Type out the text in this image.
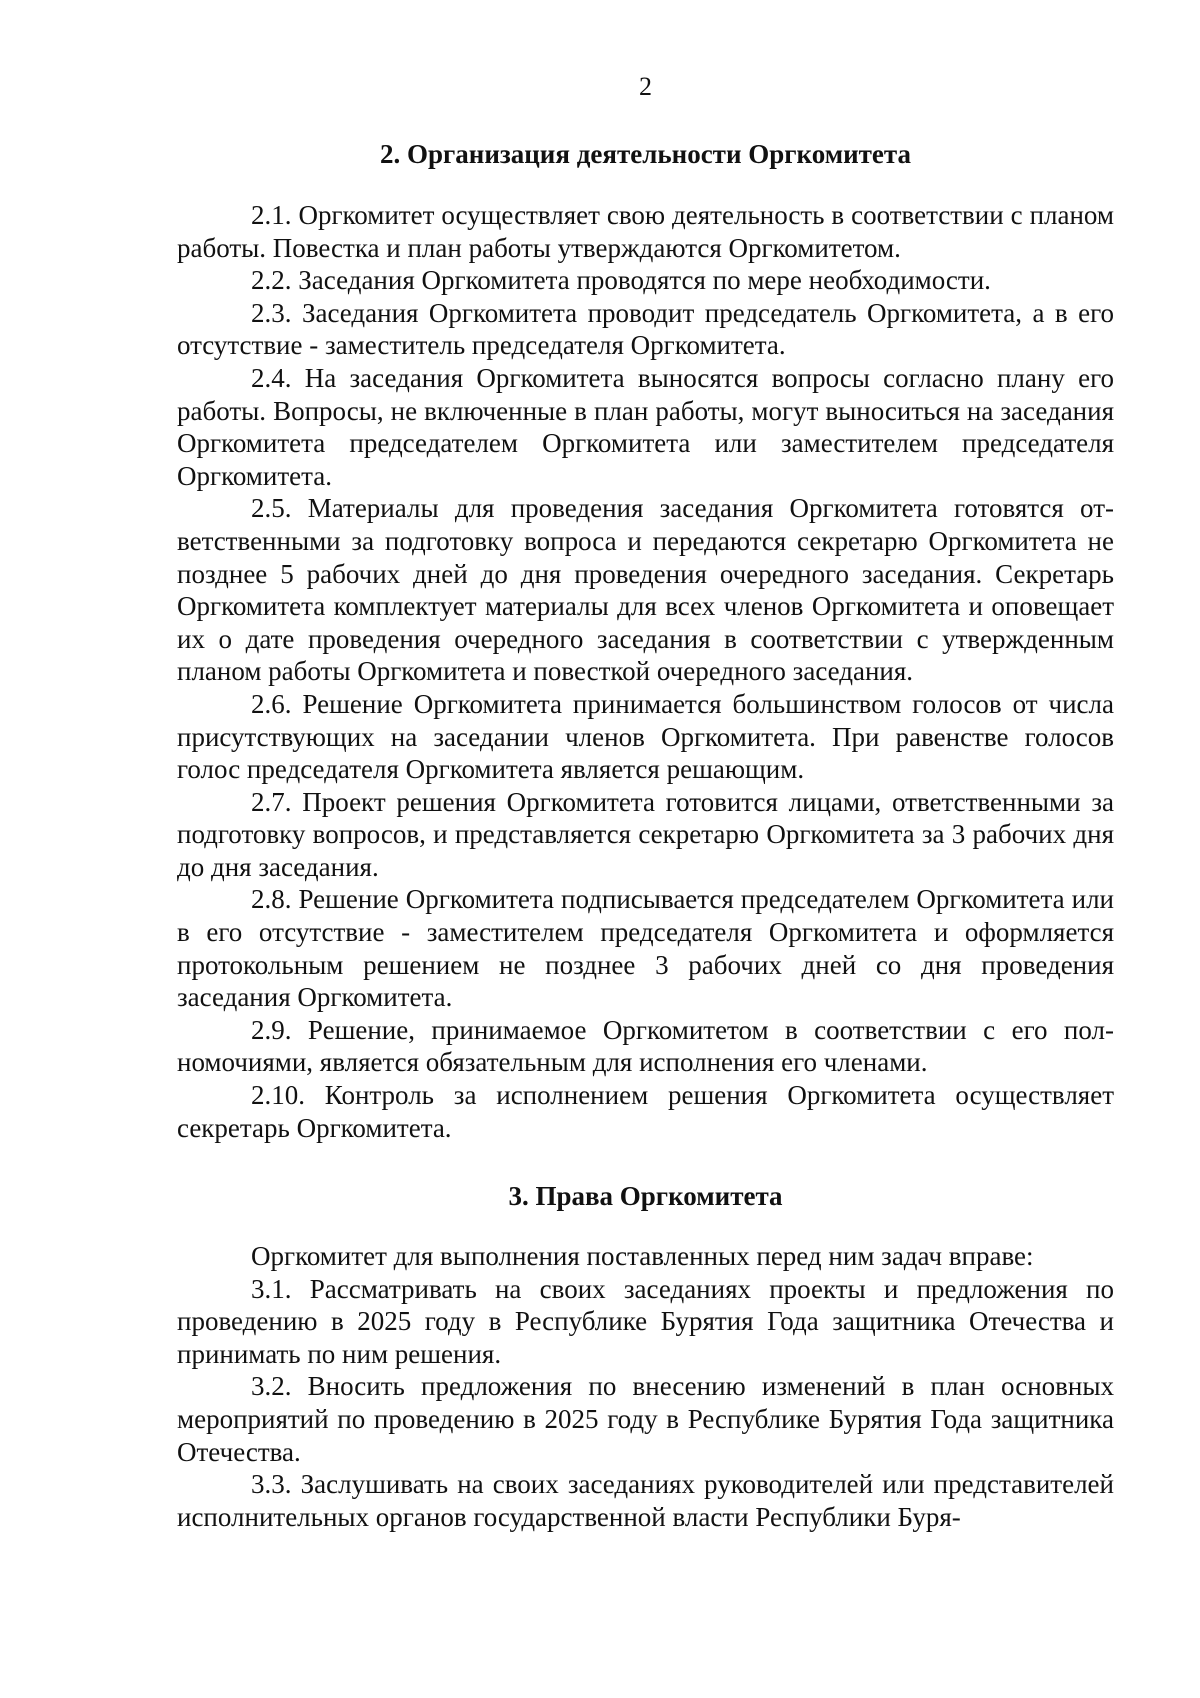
2
2. Организация деятельности Оргкомитета

2.1. Оргкомитет осуществляет свою деятельность в соответствии с планом работы. Повестка и план работы утверждаются Оргкомитетом.

2.2. Заседания Оргкомитета проводятся по мере необходимости.

2.3. Заседания Оргкомитета проводит председатель Оргкомитета, а в его отсутствие - заместитель председателя Оргкомитета.

2.4. На заседания Оргкомитета выносятся вопросы согласно плану его работы. Вопросы, не включенные в план работы, могут выноситься на заседания Оргкомитета председателем Оргкомитета или заместителем председателя Оргкомитета.

2.5. Материалы для проведения заседания Оргкомитета готовятся ответственными за подготовку вопроса и передаются секретарю Оргкомитета не позднее 5 рабочих дней до дня проведения очередного заседания. Секретарь Оргкомитета комплектует материалы для всех членов Оргкомитета и оповещает их о дате проведения очередного заседания в соответствии с утвержденным планом работы Оргкомитета и повесткой очередного заседания.

2.6. Решение Оргкомитета принимается большинством голосов от числа присутствующих на заседании членов Оргкомитета. При равенстве голосов голос председателя Оргкомитета является решающим.

2.7. Проект решения Оргкомитета готовится лицами, ответственными за подготовку вопросов, и представляется секретарю Оргкомитета за 3 рабочих дня до дня заседания.

2.8. Решение Оргкомитета подписывается председателем Оргкомитета или в его отсутствие - заместителем председателя Оргкомитета и оформляется протокольным решением не позднее 3 рабочих дней со дня проведения заседания Оргкомитета.

2.9. Решение, принимаемое Оргкомитетом в соответствии с его полномочиями, является обязательным для исполнения его членами.

2.10. Контроль за исполнением решения Оргкомитета осуществляет секретарь Оргкомитета.

3. Права Оргкомитета

Оргкомитет для выполнения поставленных перед ним задач вправе:

3.1. Рассматривать на своих заседаниях проекты и предложения по проведению в 2025 году в Республике Бурятия Года защитника Отечества и принимать по ним решения.

3.2. Вносить предложения по внесению изменений в план основных мероприятий по проведению в 2025 году в Республике Бурятия Года защитника Отечества.

3.3. Заслушивать на своих заседаниях руководителей или представителей исполнительных органов государственной власти Республики Буря-
